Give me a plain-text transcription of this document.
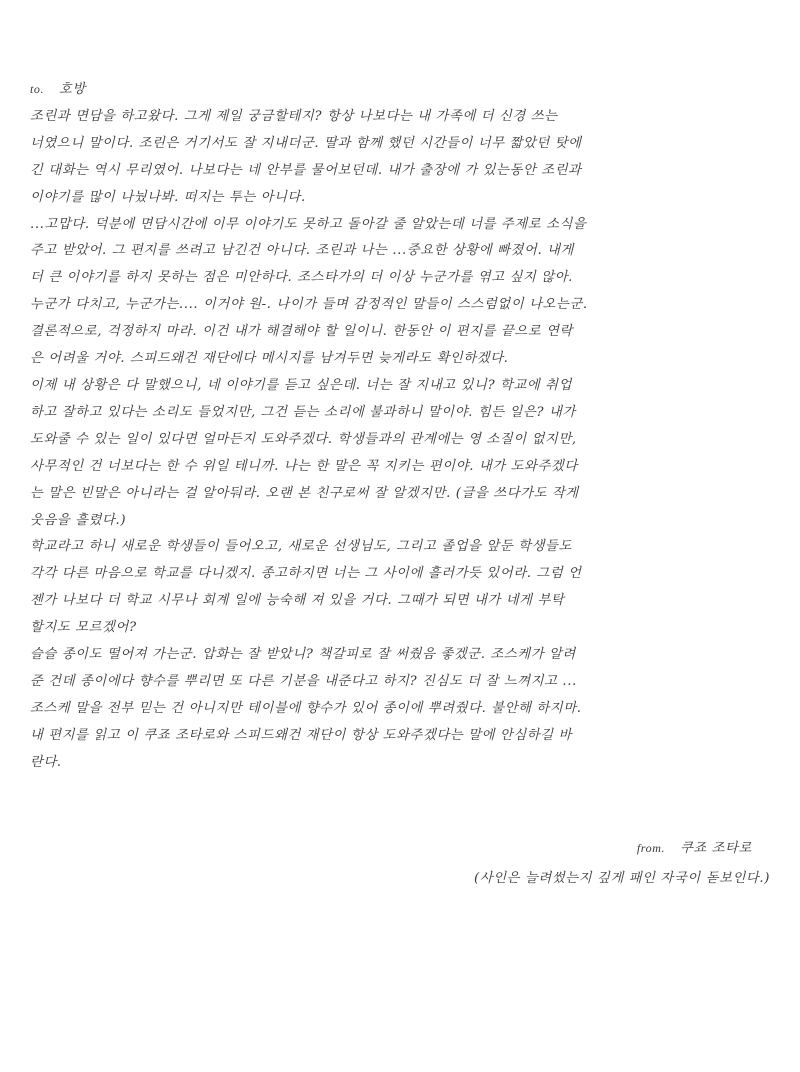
to. 호방

조린과 면담을 하고왔다. 그게 제일 궁금할테지? 항상 나보다는 내 가족에 더 신경 쓰는

너였으니 말이다. 조린은 거기서도 잘 지내더군. 딸과 함께 했던 시간들이 너무 짧았던 탓에

긴 대화는 역시 무리였어. 나보다는 네 안부를 물어보던데. 내가 출장에 가 있는동안 조린과

이야기를 많이 나눴나봐. 떠지는 투는 아니다.

...고맙다. 덕분에 면담시간에 이무 이야기도 못하고 돌아갈 줄 알았는데 너를 주제로 소식을

주고 받았어. 그 편지를 쓰려고 남긴건 아니다. 조린과 나는 ...중요한 상황에 빠졌어. 내게

더 큰 이야기를 하지 못하는 점은 미안하다. 조스타가의 더 이상 누군가를 엮고 싶지 않아.

누군가 다치고, 누군가는.... 이거야 원-. 나이가 들며 감정적인 말들이 스스럼없이 나오는군.

결론적으로, 걱정하지 마라. 이건 내가 해결해야 할 일이니. 한동안 이 편지를 끝으로 연락

은 어려울 거야. 스피드왜건 재단에다 메시지를 남겨두면 늦게라도 확인하겠다.

이제 내 상황은 다 말했으니, 네 이야기를 듣고 싶은데. 너는 잘 지내고 있니? 학교에 취업

하고 잘하고 있다는 소리도 들었지만, 그건 듣는 소리에 불과하니 말이야. 힘든 일은? 내가

도와줄 수 있는 일이 있다면 얼마든지 도와주겠다. 학생들과의 관계에는 영 소질이 없지만,

사무적인 건 너보다는 한 수 위일 테니까. 나는 한 말은 꼭 지키는 편이야. 내가 도와주겠다

는 말은 빈말은 아니라는 걸 알아둬라. 오랜 본 친구로써 잘 알겠지만. (글을 쓰다가도 작게

웃음을 흘렸다.)

학교라고 하니 새로운 학생들이 들어오고, 새로운 선생님도, 그리고 졸업을 앞둔 학생들도

각각 다른 마음으로 학교를 다니겠지. 종고하지면 너는 그 사이에 흘러가듯 있어라. 그럼 언

젠가 나보다 더 학교 시무나 회계 일에 능숙해 져 있을 거다. 그때가 되면 내가 네게 부탁

할지도 모르겠어?

슬슬 종이도 떨어져 가는군. 압화는 잘 받았니? 책갈피로 잘 써줬음 좋겠군. 조스케가 알려

준 건데 종이에다 향수를 뿌리면 또 다른 기분을 내준다고 하지? 진심도 더 잘 느껴지고 ...

조스케 말을 전부 믿는 건 아니지만 테이블에 향수가 있어 종이에 뿌려줬다. 불안해 하지마.

내 편지를 읽고 이 쿠죠 조타로와 스피드왜건 재단이 항상 도와주겠다는 말에 안심하길 바

란다.

from. 쿠죠 조타로

(사인은 늘려썼는지 깊게 패인 자국이 돋보인다.)
